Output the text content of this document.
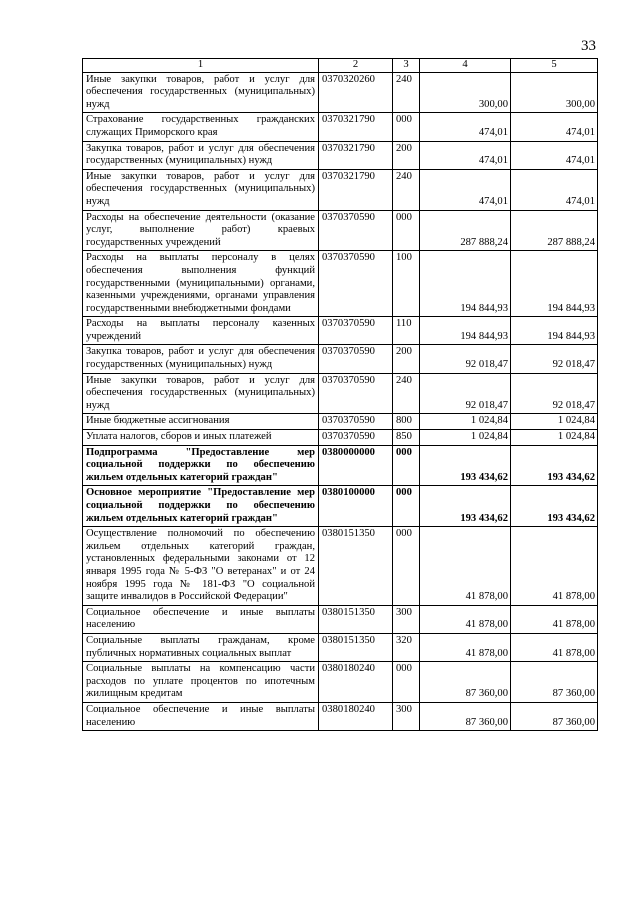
33
1	2	3	4	5
Иные закупки товаров, работ и услуг для обеспечения государственных (муниципальных) нужд	0370320260	240	300,00	300,00
Страхование государственных гражданских служащих Приморского края	0370321790	000	474,01	474,01
Закупка товаров, работ и услуг для обеспечения государственных (муниципальных) нужд	0370321790	200	474,01	474,01
Иные закупки товаров, работ и услуг для обеспечения государственных (муниципальных) нужд	0370321790	240	474,01	474,01
Расходы на обеспечение деятельности (оказание услуг, выполнение работ) краевых государственных учреждений	0370370590	000	287 888,24	287 888,24
Расходы на выплаты персоналу в целях обеспечения выполнения функций государственными (муниципальными) органами, казенными учреждениями, органами управления государственными внебюджетными фондами	0370370590	100	194 844,93	194 844,93
Расходы на выплаты персоналу казенных учреждений	0370370590	110	194 844,93	194 844,93
Закупка товаров, работ и услуг для обеспечения государственных (муниципальных) нужд	0370370590	200	92 018,47	92 018,47
Иные закупки товаров, работ и услуг для обеспечения государственных (муниципальных) нужд	0370370590	240	92 018,47	92 018,47
Иные бюджетные ассигнования	0370370590	800	1 024,84	1 024,84
Уплата налогов, сборов и иных платежей	0370370590	850	1 024,84	1 024,84
Подпрограмма "Предоставление мер социальной поддержки по обеспечению жильем отдельных категорий граждан"	0380000000	000	193 434,62	193 434,62
Основное мероприятие "Предоставление мер социальной поддержки по обеспечению жильем отдельных категорий граждан"	0380100000	000	193 434,62	193 434,62
Осуществление полномочий по обеспечению жильем отдельных категорий граждан, установленных федеральными законами от 12 января 1995 года № 5-ФЗ "О ветеранах" и от 24 ноября 1995 года № 181-ФЗ "О социальной защите инвалидов в Российской Федерации"	0380151350	000	41 878,00	41 878,00
Социальное обеспечение и иные выплаты населению	0380151350	300	41 878,00	41 878,00
Социальные выплаты гражданам, кроме публичных нормативных социальных выплат	0380151350	320	41 878,00	41 878,00
Социальные выплаты на компенсацию части расходов по уплате процентов по ипотечным жилищным кредитам	0380180240	000	87 360,00	87 360,00
Социальное обеспечение и иные выплаты населению	0380180240	300	87 360,00	87 360,00
